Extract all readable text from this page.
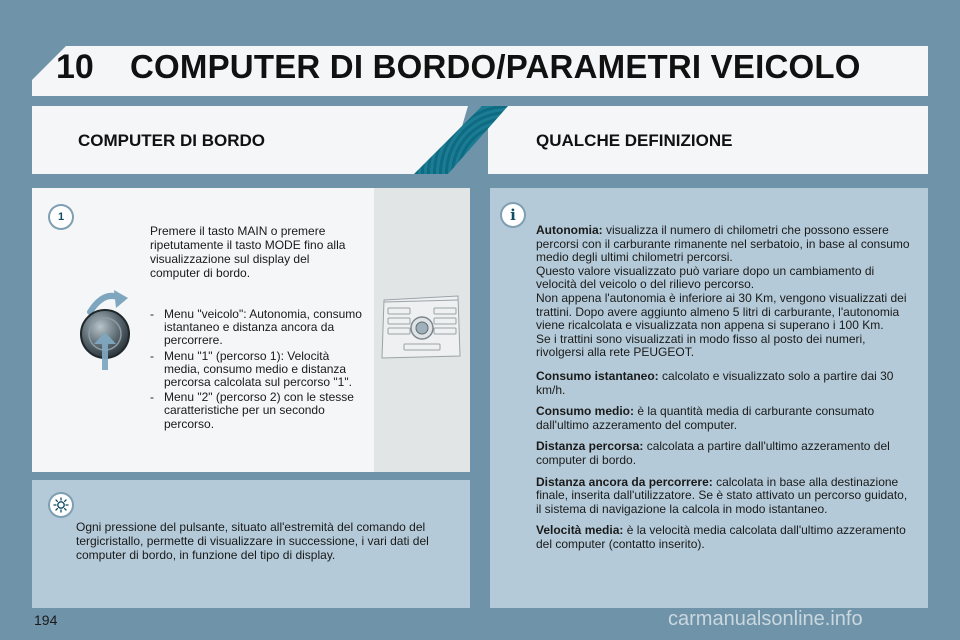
10 COMPUTER DI BORDO/PARAMETRI VEICOLO
COMPUTER DI BORDO	QUALCHE DEFINIZIONE
1
Premere il tasto MAIN o premere ripetutamente il tasto MODE fino alla visualizzazione sul display del computer di bordo.
- Menu "veicolo": Autonomia, consumo istantaneo e distanza ancora da percorrere.
- Menu "1" (percorso 1): Velocità media, consumo medio e distanza percorsa calcolata sul percorso "1".
- Menu "2" (percorso 2) con le stesse caratteristiche per un secondo percorso.
Ogni pressione del pulsante, situato all'estremità del comando del tergicristallo, permette di visualizzare in successione, i vari dati del computer di bordo, in funzione del tipo di display.
i
Autonomia: visualizza il numero di chilometri che possono essere percorsi con il carburante rimanente nel serbatoio, in base al consumo medio degli ultimi chilometri percorsi.
Questo valore visualizzato può variare dopo un cambiamento di velocità del veicolo o del rilievo percorso.
Non appena l'autonomia è inferiore ai 30 Km, vengono visualizzati dei trattini. Dopo avere aggiunto almeno 5 litri di carburante, l'autonomia viene ricalcolata e visualizzata non appena si superano i 100 Km.
Se i trattini sono visualizzati in modo fisso al posto dei numeri, rivolgersi alla rete PEUGEOT.
Consumo istantaneo: calcolato e visualizzato solo a partire dai 30 km/h.
Consumo medio: è la quantità media di carburante consumato dall'ultimo azzeramento del computer.
Distanza percorsa: calcolata a partire dall'ultimo azzeramento del computer di bordo.
Distanza ancora da percorrere: calcolata in base alla destinazione finale, inserita dall'utilizzatore. Se è stato attivato un percorso guidato, il sistema di navigazione la calcola in modo istantaneo.
Velocità media: è la velocità media calcolata dall'ultimo azzeramento del computer (contatto inserito).
194	carmanualsonline.info
